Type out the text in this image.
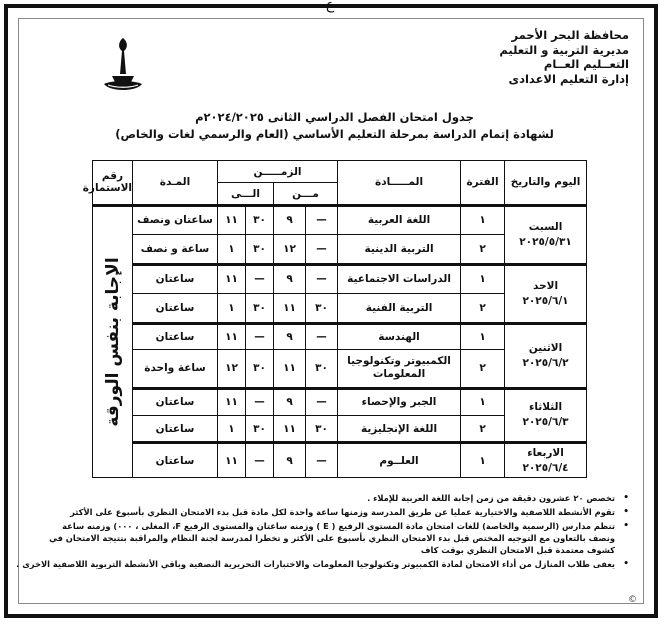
ع
محافظة البحر الأحمر
مديرية التربية و التعليم
التعــليم العــام
إدارة التعليم الاعدادى
جدول امتحان الفصل الدراسي الثانى ٢٠٢٤/٢٠٢٥م
لشهادة إتمام الدراسة بمرحلة التعليم الأساسي (العام والرسمي لغات والخاص)
اليوم والتاريخ	الفترة	المـــــادة	الزمـــــن				المـدة	رقم الاستمارة
			مـــن		الـــى			

السبت
٢٠٢٥/٥/٣١	١	اللغة العربية	—	٩	٣٠	١١	ساعتان ونصف	الإجابة بنفس الورقة

	٢	التربية الدينية	—	١٢	٣٠	١	ساعة و نصف	

الاحد
٢٠٢٥/٦/١	١	الدراسات الاجتماعية	—	٩	—	١١	ساعتان	
	٢	التربية الفنية	٣٠	١١	٣٠	١	ساعتان	

الاثنين
٢٠٢٥/٦/٢	١	الهندسة	—	٩	—	١١	ساعتان	
	٢	الكمبيوتر وتكنولوجيا المعلومات	٣٠	١١	٣٠	١٢	ساعة واحدة	

الثلاثاء
٢٠٢٥/٦/٣	١	الجبر والإحصاء	—	٩	—	١١	ساعتان	
	٢	اللغة الإنجليزية	٣٠	١١	٣٠	١	ساعتان	

الاربعاء
٢٠٢٥/٦/٤	١	العلــوم	—	٩	—	١١	ساعتان	
•
تخصص ٢٠ عشرون دقيقة من زمن إجابة اللغة العربية للإملاء .
•
تقوم الأنشطة اللاصفية والاختيارية عمليا عن طريق المدرسة وزمنها ساعة واحدة لكل مادة قبل بدء الامتحان النظري بأسبوع على الأكثر
•
تنظم مدارس (الرسمية والخاصة) للغات امتحان مادة المستوى الرفيع ( E ) وزمنه ساعتان والمستوى الرفيع F، المغلى ، ٠٠٠) وزمنه ساعة ونصف بالتعاون مع التوجيه المختص قبل بدء الامتحان النظري بأسبوع على الأكثر و تخطرا لمدرسة لجنة النظام والمراقبة بنتيجة الامتحان في كشوف معتمدة قبل الامتحان النظري بوقت كاف
•
يعفى طلاب المنازل من أداء الامتحان لمادة الكمبيوتر وتكنولوجيا المعلومات والاختبارات التحريرية النصفية وباقي الأنشطة التربوية اللاصفية الاخرى .
©
